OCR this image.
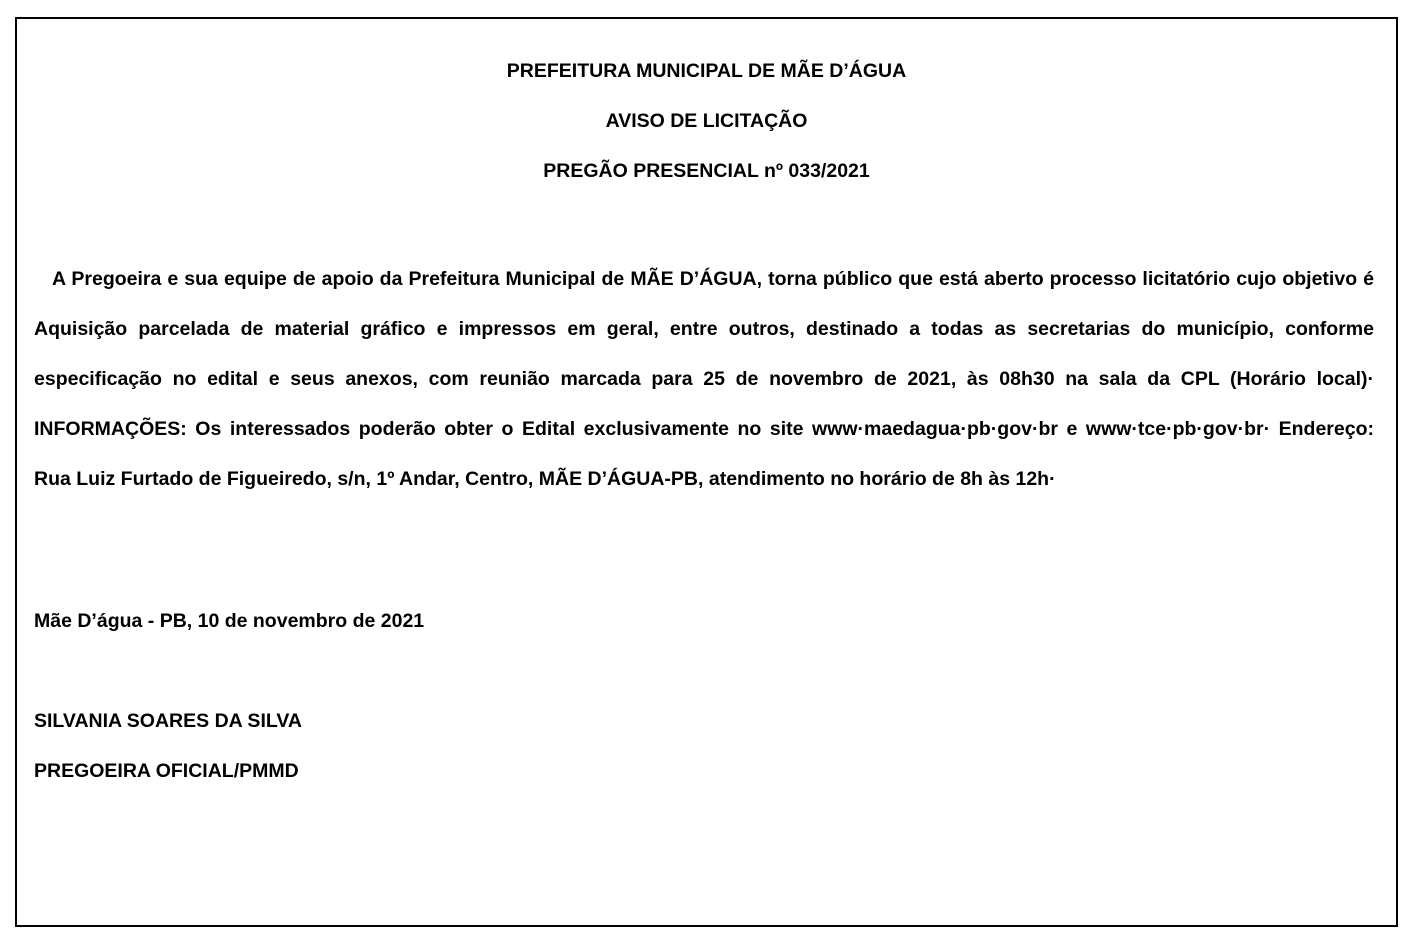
PREFEITURA MUNICIPAL DE MÃE D’ÁGUA
AVISO DE LICITAÇÃO
PREGÃO PRESENCIAL nº 033/2021

A Pregoeira e sua equipe de apoio da Prefeitura Municipal de MÃE D’ÁGUA, torna público que está aberto processo licitatório cujo objetivo é Aquisição parcelada de material gráfico e impressos em geral, entre outros, destinado a todas as secretarias do município, conforme especificação no edital e seus anexos, com reunião marcada para 25 de novembro de 2021, às 08h30 na sala da CPL (Horário local)· INFORMAÇÕES: Os interessados poderão obter o Edital exclusivamente no site www·maedagua·pb·gov·br e www·tce·pb·gov·br· Endereço: Rua Luiz Furtado de Figueiredo, s/n, 1º Andar, Centro, MÃE D’ÁGUA-PB, atendimento no horário de 8h às 12h·

Mãe D’água - PB, 10 de novembro de 2021
SILVANIA SOARES DA SILVA
PREGOEIRA OFICIAL/PMMD
